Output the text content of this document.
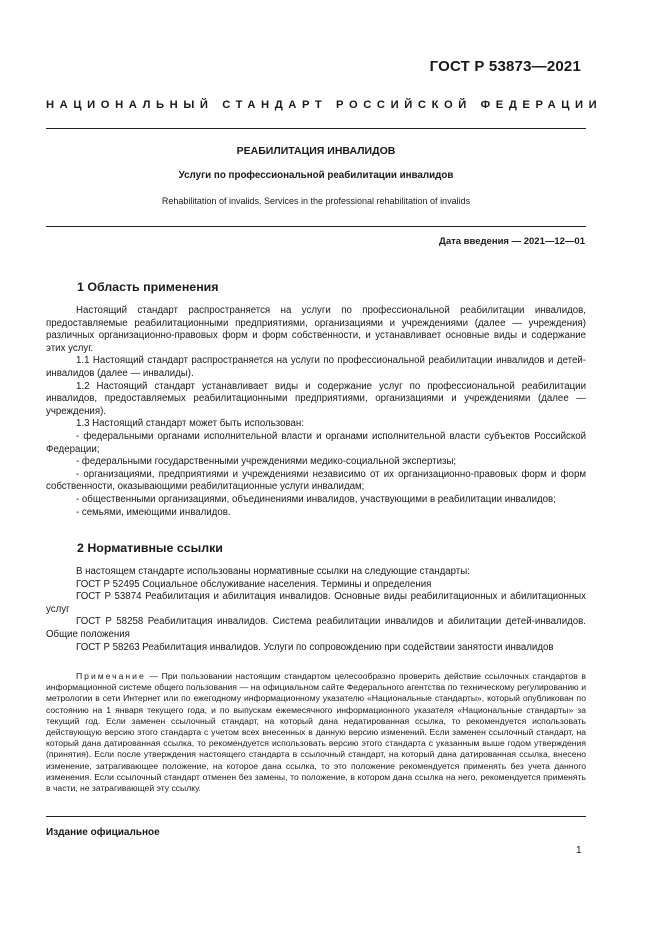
ГОСТ Р 53873—2021
НАЦИОНАЛЬНЫЙ СТАНДАРТ РОССИЙСКОЙ ФЕДЕРАЦИИ
РЕАБИЛИТАЦИЯ ИНВАЛИДОВ
Услуги по профессиональной реабилитации инвалидов
Rehabilitation of invalids. Services in the professional rehabilitation of invalids
Дата введения — 2021—12—01
1 Область применения

Настоящий стандарт распространяется на услуги по профессиональной реабилитации инвалидов, предоставляемые реабилитационными предприятиями, организациями и учреждениями (далее — учреждения) различных организационно-правовых форм и форм собственности, и устанавливает основные виды и содержание этих услуг.

1.1 Настоящий стандарт распространяется на услуги по профессиональной реабилитации инвалидов и детей-инвалидов (далее — инвалиды).

1.2 Настоящий стандарт устанавливает виды и содержание услуг по профессиональной реабилитации инвалидов, предоставляемых реабилитационными предприятиями, организациями и учреждениями (далее — учреждения).

1.3 Настоящий стандарт может быть использован:

- федеральными органами исполнительной власти и органами исполнительной власти субъектов Российской Федерации;

- федеральными государственными учреждениями медико-социальной экспертизы;

- организациями, предприятиями и учреждениями независимо от их организационно-правовых форм и форм собственности, оказывающими реабилитационные услуги инвалидам;

- общественными организациями, объединениями инвалидов, участвующими в реабилитации инвалидов;

- семьями, имеющими инвалидов.

2 Нормативные ссылки

В настоящем стандарте использованы нормативные ссылки на следующие стандарты:

ГОСТ Р 52495 Социальное обслуживание населения. Термины и определения

ГОСТ Р 53874 Реабилитация и абилитация инвалидов. Основные виды реабилитационных и абилитационных услуг

ГОСТ Р 58258 Реабилитация инвалидов. Система реабилитации инвалидов и абилитации детей-инвалидов. Общие положения

ГОСТ Р 58263 Реабилитация инвалидов. Услуги по сопровождению при содействии занятости инвалидов

Примечание — При пользовании настоящим стандартом целесообразно проверить действие ссылочных стандартов в информационной системе общего пользования — на официальном сайте Федерального агентства по техническому регулированию и метрологии в сети Интернет или по ежегодному информационному указателю «Национальные стандарты», который опубликован по состоянию на 1 января текущего года, и по выпускам ежемесячного информационного указателя «Национальные стандарты» за текущий год. Если заменен ссылочный стандарт, на который дана недатированная ссылка, то рекомендуется использовать действующую версию этого стандарта с учетом всех внесенных в данную версию изменений. Если заменен ссылочный стандарт, на который дана датированная ссылка, то рекомендуется использовать версию этого стандарта с указанным выше годом утверждения (принятия). Если после утверждения настоящего стандарта в ссылочный стандарт, на который дана датированная ссылка, внесено изменение, затрагивающее положение, на которое дана ссылка, то это положение рекомендуется применять без учета данного изменения. Если ссылочный стандарт отменен без замены, то положение, в котором дана ссылка на него, рекомендуется применять в части, не затрагивающей эту ссылку.
Издание официальное
1
